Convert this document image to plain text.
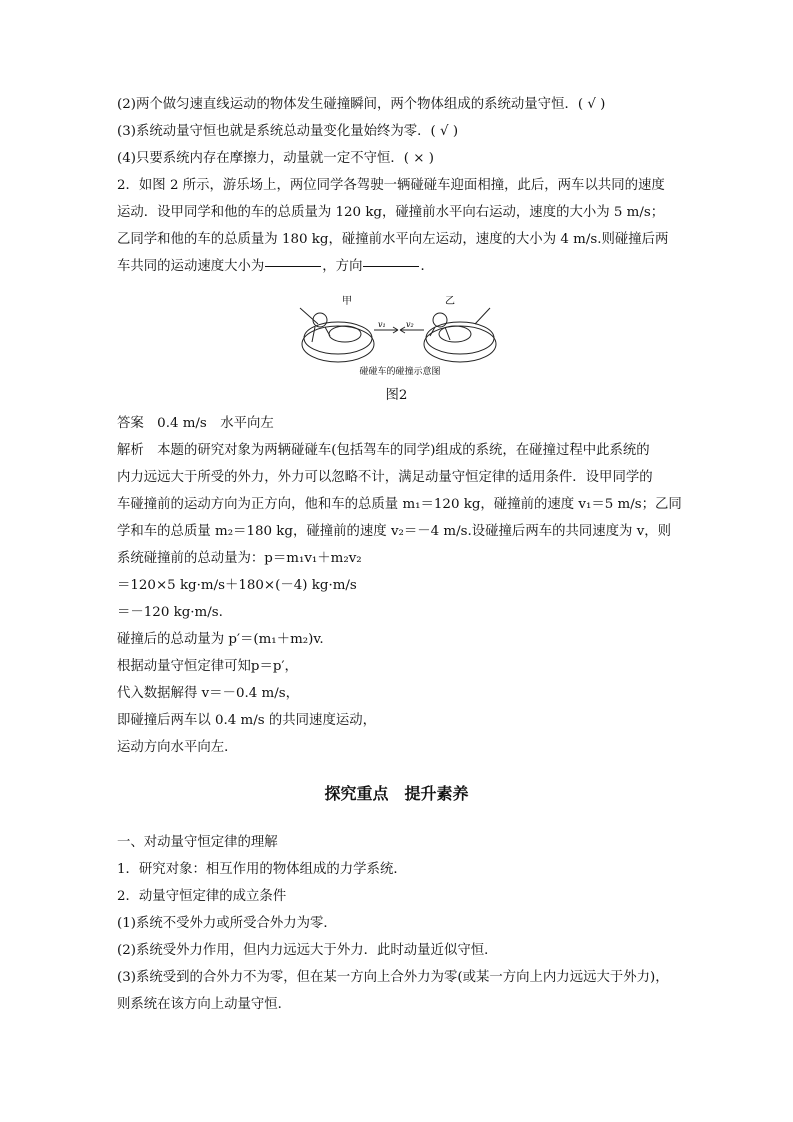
(2)两个做匀速直线运动的物体发生碰撞瞬间，两个物体组成的系统动量守恒．( √ )
(3)系统动量守恒也就是系统总动量变化量始终为零．( √ )
(4)只要系统内存在摩擦力，动量就一定不守恒．( × )
2．如图 2 所示，游乐场上，两位同学各驾驶一辆碰碰车迎面相撞，此后，两车以共同的速度
运动．设甲同学和他的车的总质量为 120 kg，碰撞前水平向右运动，速度的大小为 5 m/s；
乙同学和他的车的总质量为 180 kg，碰撞前水平向左运动，速度的大小为 4 m/s.则碰撞后两
车共同的运动速度大小为	，方向	．
甲	乙
v₁	v₂
碰碰车的碰撞示意图
图2
答案　 0.4 m/s　水平向左
解析　本题的研究对象为两辆碰碰车(包括驾车的同学)组成的系统，在碰撞过程中此系统的
内力远远大于所受的外力，外力可以忽略不计，满足动量守恒定律的适用条件．设甲同学的
车碰撞前的运动方向为正方向，他和车的总质量 m₁＝120 kg，碰撞前的速度 v₁＝5 m/s；乙同
学和车的总质量 m₂＝180 kg，碰撞前的速度 v₂＝－4 m/s.设碰撞后两车的共同速度为 v，则
系统碰撞前的总动量为：p＝m₁v₁＋m₂v₂
＝120×5 kg·m/s＋180×(－4) kg·m/s
＝－120 kg·m/s.
碰撞后的总动量为 p′＝(m₁＋m₂)v.
根据动量守恒定律可知p＝p′，
代入数据解得 v＝－0.4 m/s，
即碰撞后两车以 0.4 m/s 的共同速度运动，
运动方向水平向左．
探究重点　提升素养
一、对动量守恒定律的理解
1．研究对象：相互作用的物体组成的力学系统．
2．动量守恒定律的成立条件
(1)系统不受外力或所受合外力为零．
(2)系统受外力作用，但内力远远大于外力．此时动量近似守恒．
(3)系统受到的合外力不为零，但在某一方向上合外力为零(或某一方向上内力远远大于外力)，
则系统在该方向上动量守恒．
